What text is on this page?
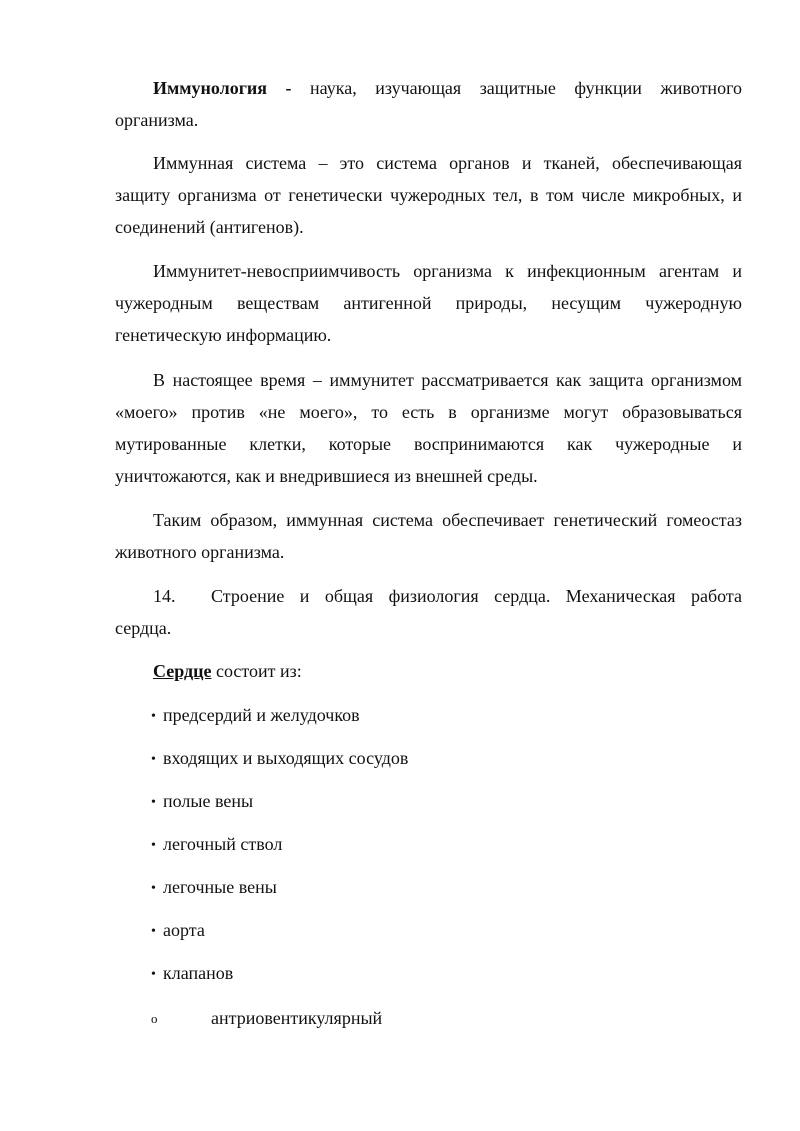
Иммунология - наука, изучающая защитные функции животного
организма.
Иммунная система – это система органов и тканей, обеспечивающая
защиту организма от генетически чужеродных тел, в том числе микробных, и
соединений (антигенов).
Иммунитет-невосприимчивость организма к инфекционным агентам и
чужеродным веществам антигенной природы, несущим чужеродную
генетическую информацию.
В настоящее время – иммунитет рассматривается как защита организмом
«моего» против «не моего», то есть в организме могут образовываться
мутированные клетки, которые воспринимаются как чужеродные и
уничтожаются, как и внедрившиеся из внешней среды.
Таким образом, иммунная система обеспечивает генетический гомеостаз
животного организма.
14. Строение и общая физиология сердца. Механическая работа
сердца.
Сердце состоит из:
• предсердий и желудочков
• входящих и выходящих сосудов
• полые вены
• легочный ствол
• легочные вены
• аорта
• клапанов
o	антриовентикулярный
